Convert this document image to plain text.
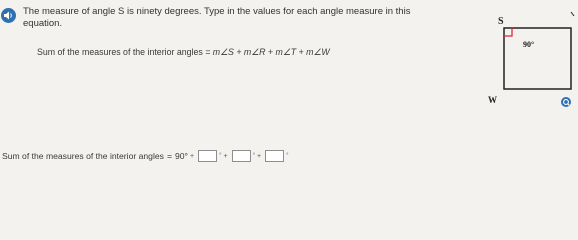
The measure of angle S is ninety degrees. Type in the values for each angle measure in this equation.
Sum of the measures of the interior angles = m∠S + m∠R + m∠T + m∠W
Sum of the measures of the interior angles = 90° +	° +	° +	°
S
90°
W
